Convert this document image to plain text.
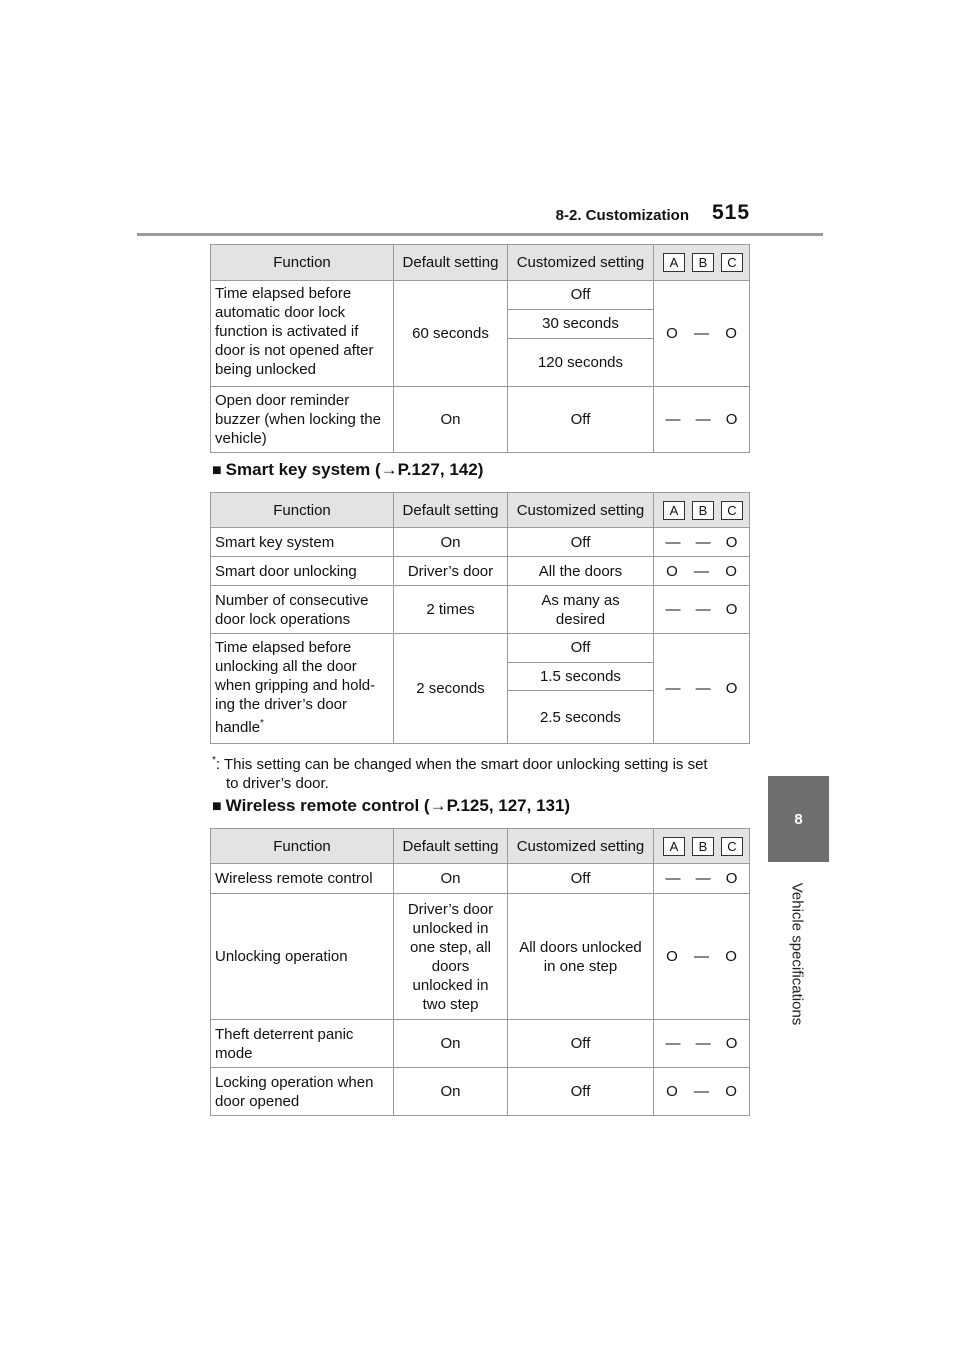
8-2. Customization 515
8
Vehicle specifications
Function	Default setting	Customized setting	A B C
Time elapsed before automatic door lock function is activated if door is not opened after being unlocked	60 seconds	Off	O — O

		30 seconds	
		120 seconds	
Open door reminder buzzer (when locking the vehicle)	On	Off	— — O
■ Smart key system (→P.127, 142)
Function	Default setting	Customized setting	A B C
Smart key system	On	Off	— — O

Smart door unlocking	Driver’s door	All the doors	O — O

Number of consecutive door lock operations	2 times	As many as desired	— — O

Time elapsed before unlocking all the door when gripping and hold-ing the driver’s door handle*	2 seconds	Off	— — O

		1.5 seconds	
		2.5 seconds	
*: This setting can be changed when the smart door unlocking setting is set
to driver’s door.
■ Wireless remote control (→P.125, 127, 131)
Function	Default setting	Customized setting	A B C
Wireless remote control	On	Off	— — O

Unlocking operation	Driver’s door unlocked in one step, all doors unlocked in two step	All doors unlocked in one step	O — O

Theft deterrent panic mode	On	Off	— — O

Locking operation when door opened	On	Off	O — O
